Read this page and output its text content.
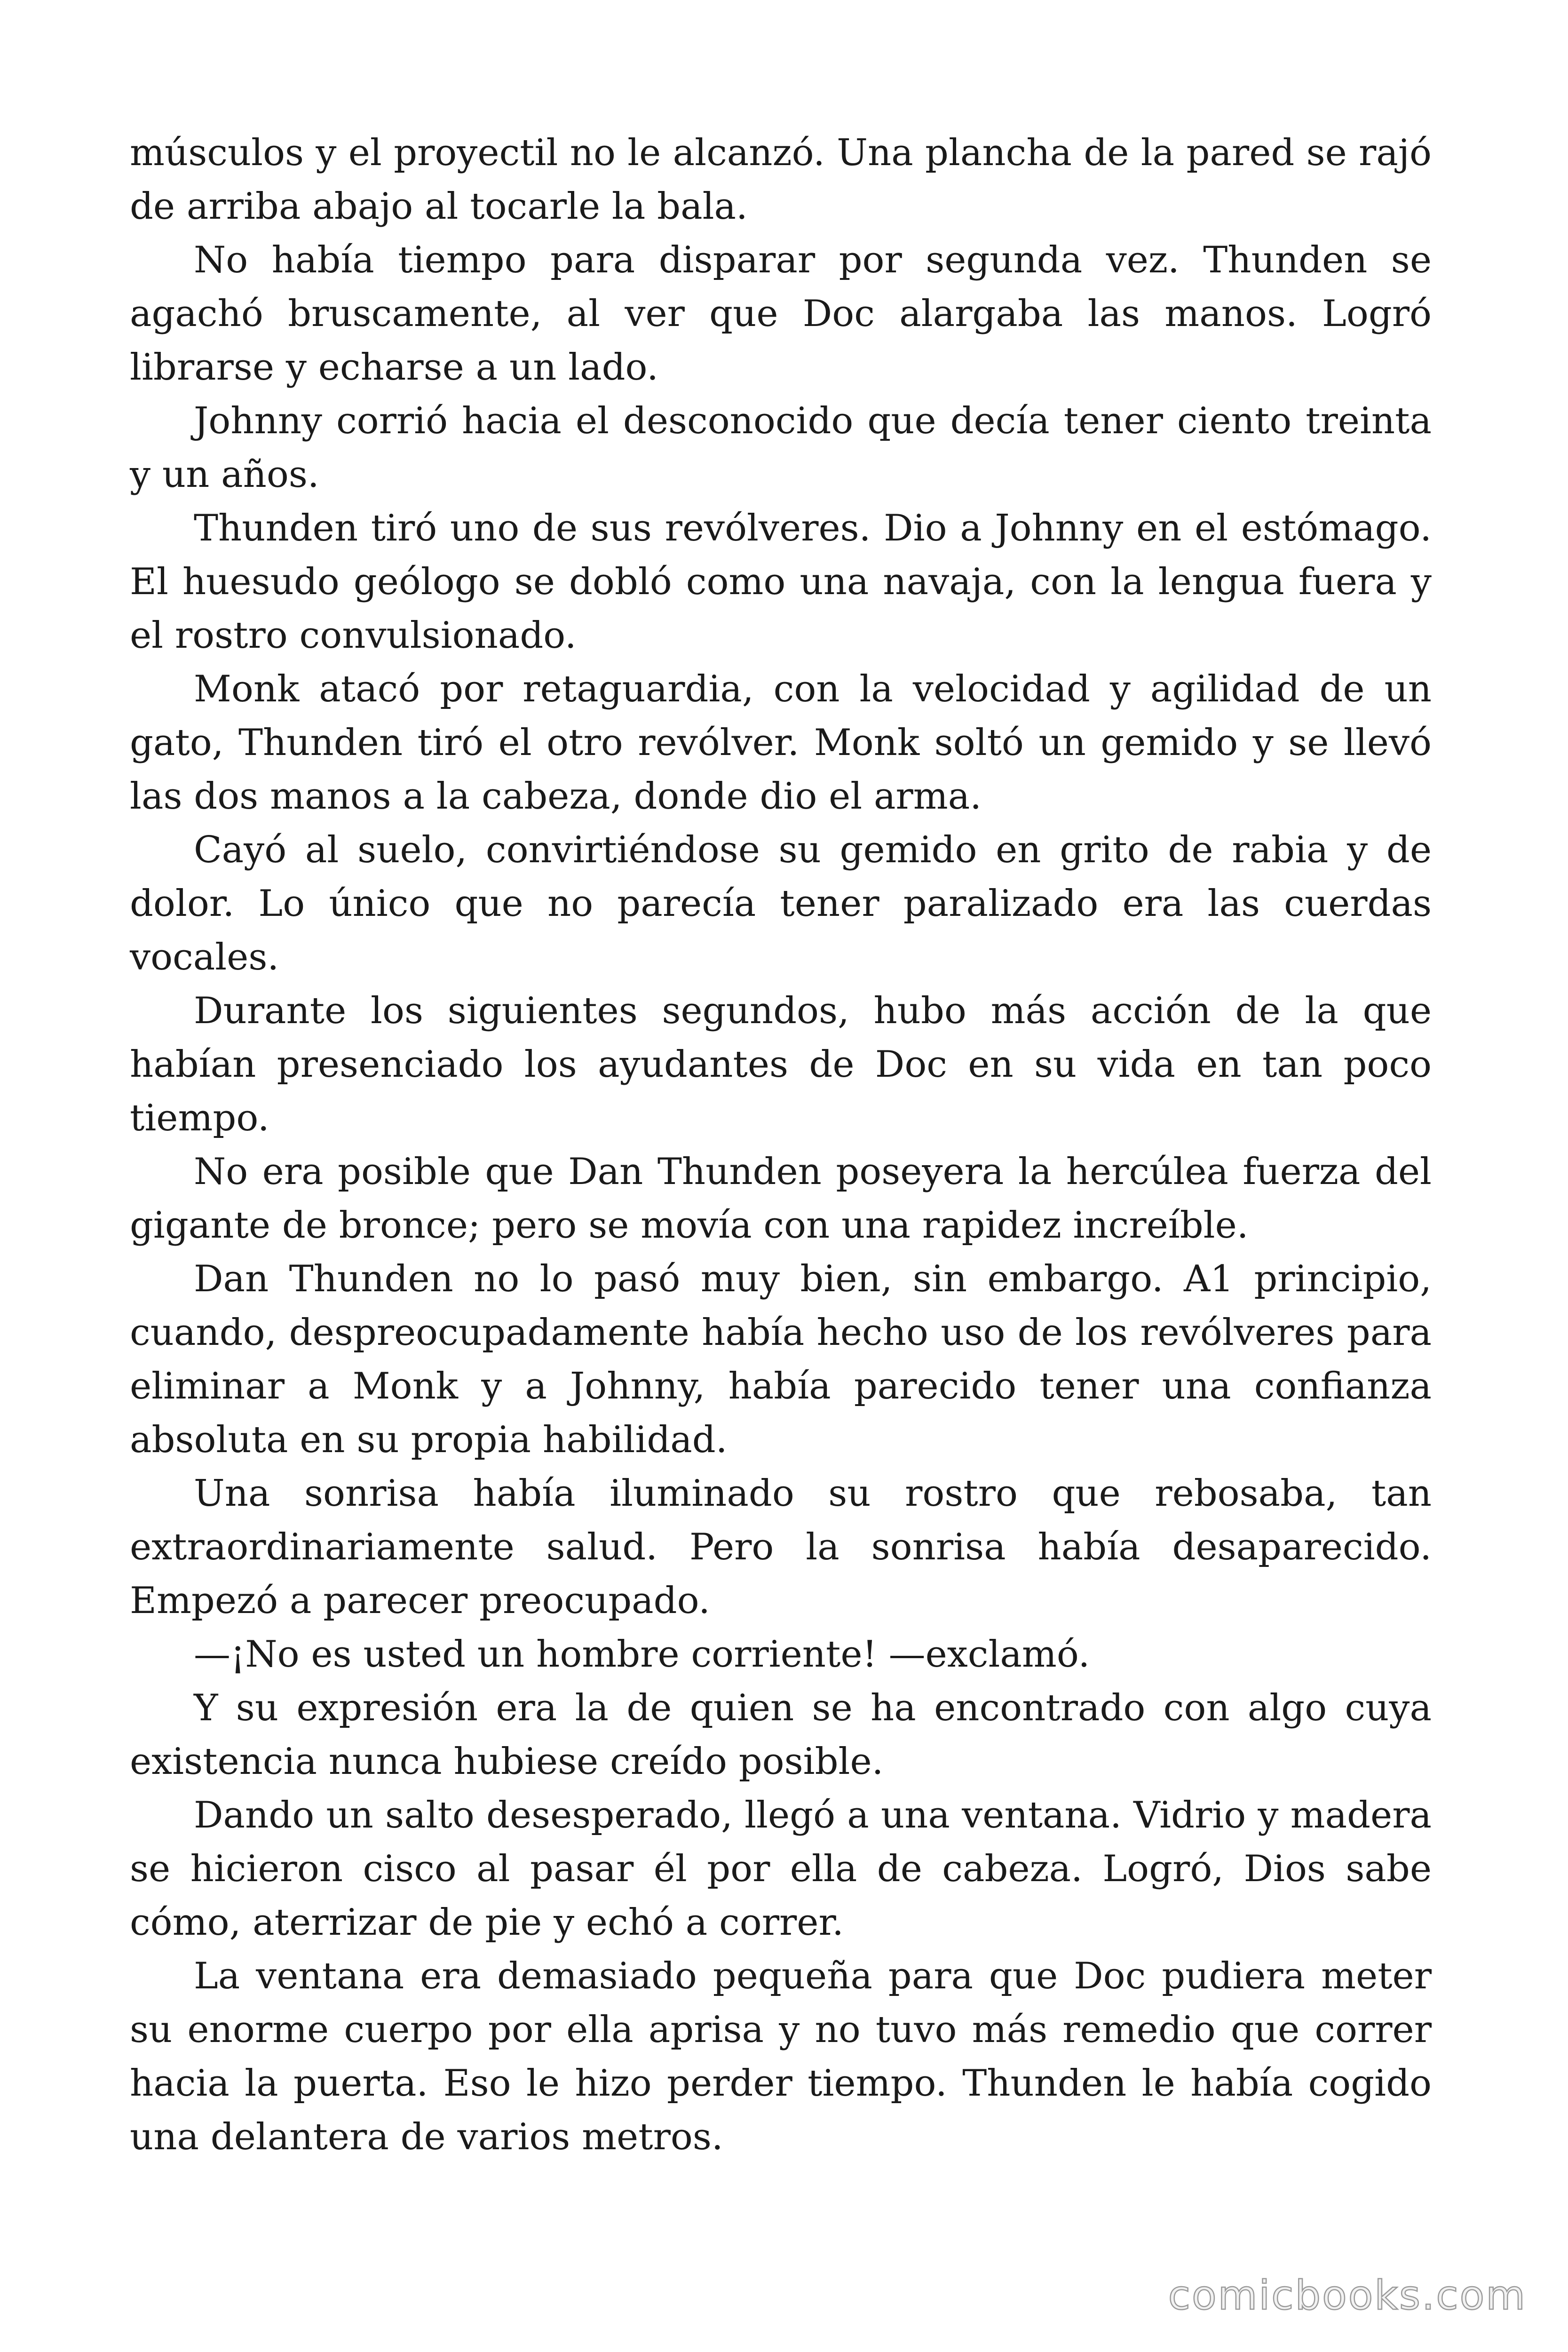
músculos y el proyectil no le alcanzó. Una plancha de la pared se rajó de arriba abajo al tocarle la bala.

No había tiempo para disparar por segunda vez. Thunden se agachó bruscamente, al ver que Doc alargaba las manos. Logró librarse y echarse a un lado.

Johnny corrió hacia el desconocido que decía tener ciento treinta y un años.

Thunden tiró uno de sus revólveres. Dio a Johnny en el estómago. El huesudo geólogo se dobló como una navaja, con la lengua fuera y el rostro convulsionado.

Monk atacó por retaguardia, con la velocidad y agilidad de un gato, Thunden tiró el otro revólver. Monk soltó un gemido y se llevó las dos manos a la cabeza, donde dio el arma.

Cayó al suelo, convirtiéndose su gemido en grito de rabia y de dolor. Lo único que no parecía tener paralizado era las cuerdas vocales.

Durante los siguientes segundos, hubo más acción de la que habían presenciado los ayudantes de Doc en su vida en tan poco tiempo.

No era posible que Dan Thunden poseyera la hercúlea fuerza del gigante de bronce; pero se movía con una rapidez increíble.

Dan Thunden no lo pasó muy bien, sin embargo. A1 principio, cuando, despreocupadamente había hecho uso de los revólveres para eliminar a Monk y a Johnny, había parecido tener una confianza absoluta en su propia habilidad.

Una sonrisa había iluminado su rostro que rebosaba, tan extraordinariamente salud. Pero la sonrisa había desaparecido. Empezó a parecer preocupado.

—¡No es usted un hombre corriente! —exclamó.

Y su expresión era la de quien se ha encontrado con algo cuya existencia nunca hubiese creído posible.

Dando un salto desesperado, llegó a una ventana. Vidrio y madera se hicieron cisco al pasar él por ella de cabeza. Logró, Dios sabe cómo, aterrizar de pie y echó a correr.

La ventana era demasiado pequeña para que Doc pudiera meter su enorme cuerpo por ella aprisa y no tuvo más remedio que correr hacia la puerta. Eso le hizo perder tiempo. Thunden le había cogido una delantera de varios metros.

comicbooks.com
